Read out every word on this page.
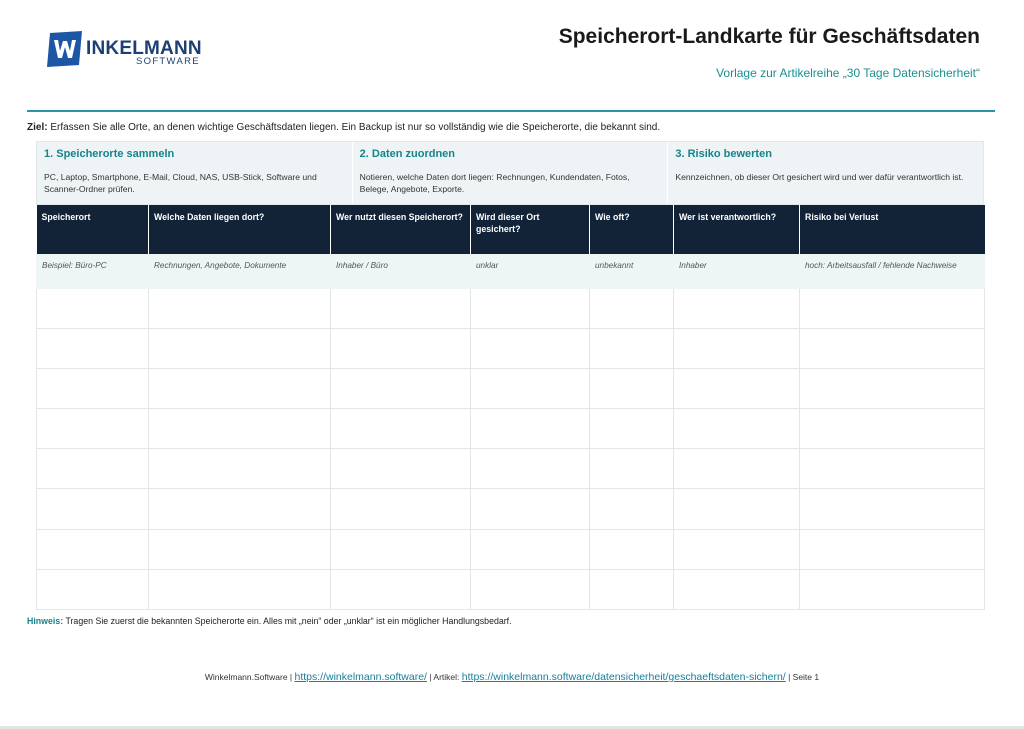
INKELMANN
SOFTWARE
Speicherort-Landkarte für Geschäftsdaten
Vorlage zur Artikelreihe „30 Tage Datensicherheit“
Ziel: Erfassen Sie alle Orte, an denen wichtige Geschäftsdaten liegen. Ein Backup ist nur so vollständig wie die Speicherorte, die bekannt sind.
1. Speicherorte sammeln
PC, Laptop, Smartphone, E-Mail, Cloud, NAS, USB-Stick, Software und Scanner-Ordner prüfen.
2. Daten zuordnen
Notieren, welche Daten dort liegen: Rechnungen, Kundendaten, Fotos, Belege, Angebote, Exporte.
3. Risiko bewerten
Kennzeichnen, ob dieser Ort gesichert wird und wer dafür verantwortlich ist.
Speicherort	Welche Daten liegen dort?	Wer nutzt diesen Speicherort?	Wird dieser Ort gesichert?	Wie oft?	Wer ist verantwortlich?	Risiko bei Verlust
Beispiel: Büro-PC	Rechnungen, Angebote, Dokumente	Inhaber / Büro	unklar	unbekannt	Inhaber	hoch: Arbeitsausfall / fehlende Nachweise

Hinweis: Tragen Sie zuerst die bekannten Speicherorte ein. Alles mit „nein“ oder „unklar“ ist ein möglicher Handlungsbedarf.
Winkelmann.Software | https://winkelmann.software/ | Artikel: https://winkelmann.software/datensicherheit/geschaeftsdaten-sichern/ | Seite 1
